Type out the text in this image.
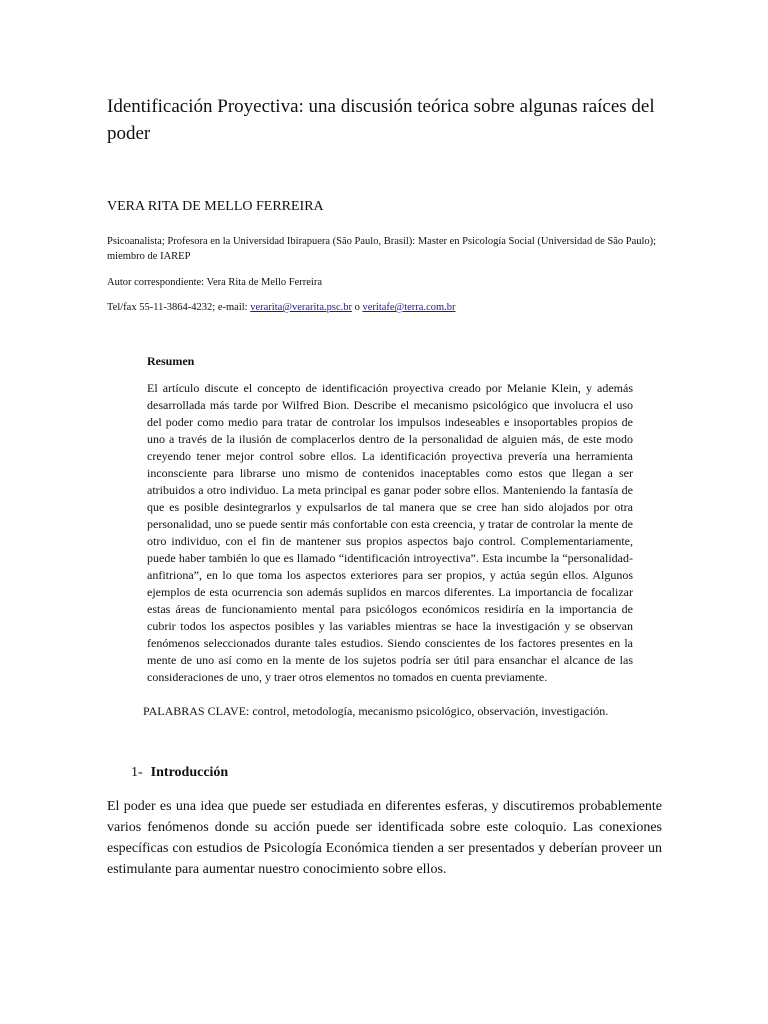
Identificación Proyectiva: una discusión teórica sobre algunas raíces del poder

VERA RITA DE MELLO FERREIRA

Psicoanalista; Profesora en la Universidad Ibirapuera (São Paulo, Brasil): Master en Psicología Social (Universidad de São Paulo); miembro de IAREP

Autor correspondiente: Vera Rita de Mello Ferreira

Tel/fax 55-11-3864-4232; e-mail: verarita@verarita.psc.br o veritafe@terra.com.br

Resumen

El artículo discute el concepto de identificación proyectiva creado por Melanie Klein, y además desarrollada más tarde por Wilfred Bion. Describe el mecanismo psicológico que involucra el uso del poder como medio para tratar de controlar los impulsos indeseables e insoportables propios de uno a través de la ilusión de complacerlos dentro de la personalidad de alguien más, de este modo creyendo tener mejor control sobre ellos. La identificación proyectiva prevería una herramienta inconsciente para librarse uno mismo de contenidos inaceptables como estos que llegan a ser atribuidos a otro individuo. La meta principal es ganar poder sobre ellos. Manteniendo la fantasía de que es posible desintegrarlos y expulsarlos de tal manera que se cree han sido alojados por otra personalidad, uno se puede sentir más confortable con esta creencia, y tratar de controlar la mente de otro individuo, con el fin de mantener sus propios aspectos bajo control. Complementariamente, puede haber también lo que es llamado “identificación introyectiva”. Esta incumbe la “personalidad-anfitriona”, en lo que toma los aspectos exteriores para ser propios, y actúa según ellos. Algunos ejemplos de esta ocurrencia son además suplidos en marcos diferentes. La importancia de focalizar estas áreas de funcionamiento mental para psicólogos económicos residiría en la importancia de cubrir todos los aspectos posibles y las variables mientras se hace la investigación y se observan fenómenos seleccionados durante tales estudios. Siendo conscientes de los factores presentes en la mente de uno así como en la mente de los sujetos podría ser útil para ensanchar el alcance de las consideraciones de uno, y traer otros elementos no tomados en cuenta previamente.

PALABRAS CLAVE: control, metodología, mecanismo psicológico, observación, investigación.

1- Introducción

El poder es una idea que puede ser estudiada en diferentes esferas, y discutiremos probablemente varios fenómenos donde su acción puede ser identificada sobre este coloquio. Las conexiones específicas con estudios de Psicología Económica tienden a ser presentados y deberían proveer un estimulante para aumentar nuestro conocimiento sobre ellos.
